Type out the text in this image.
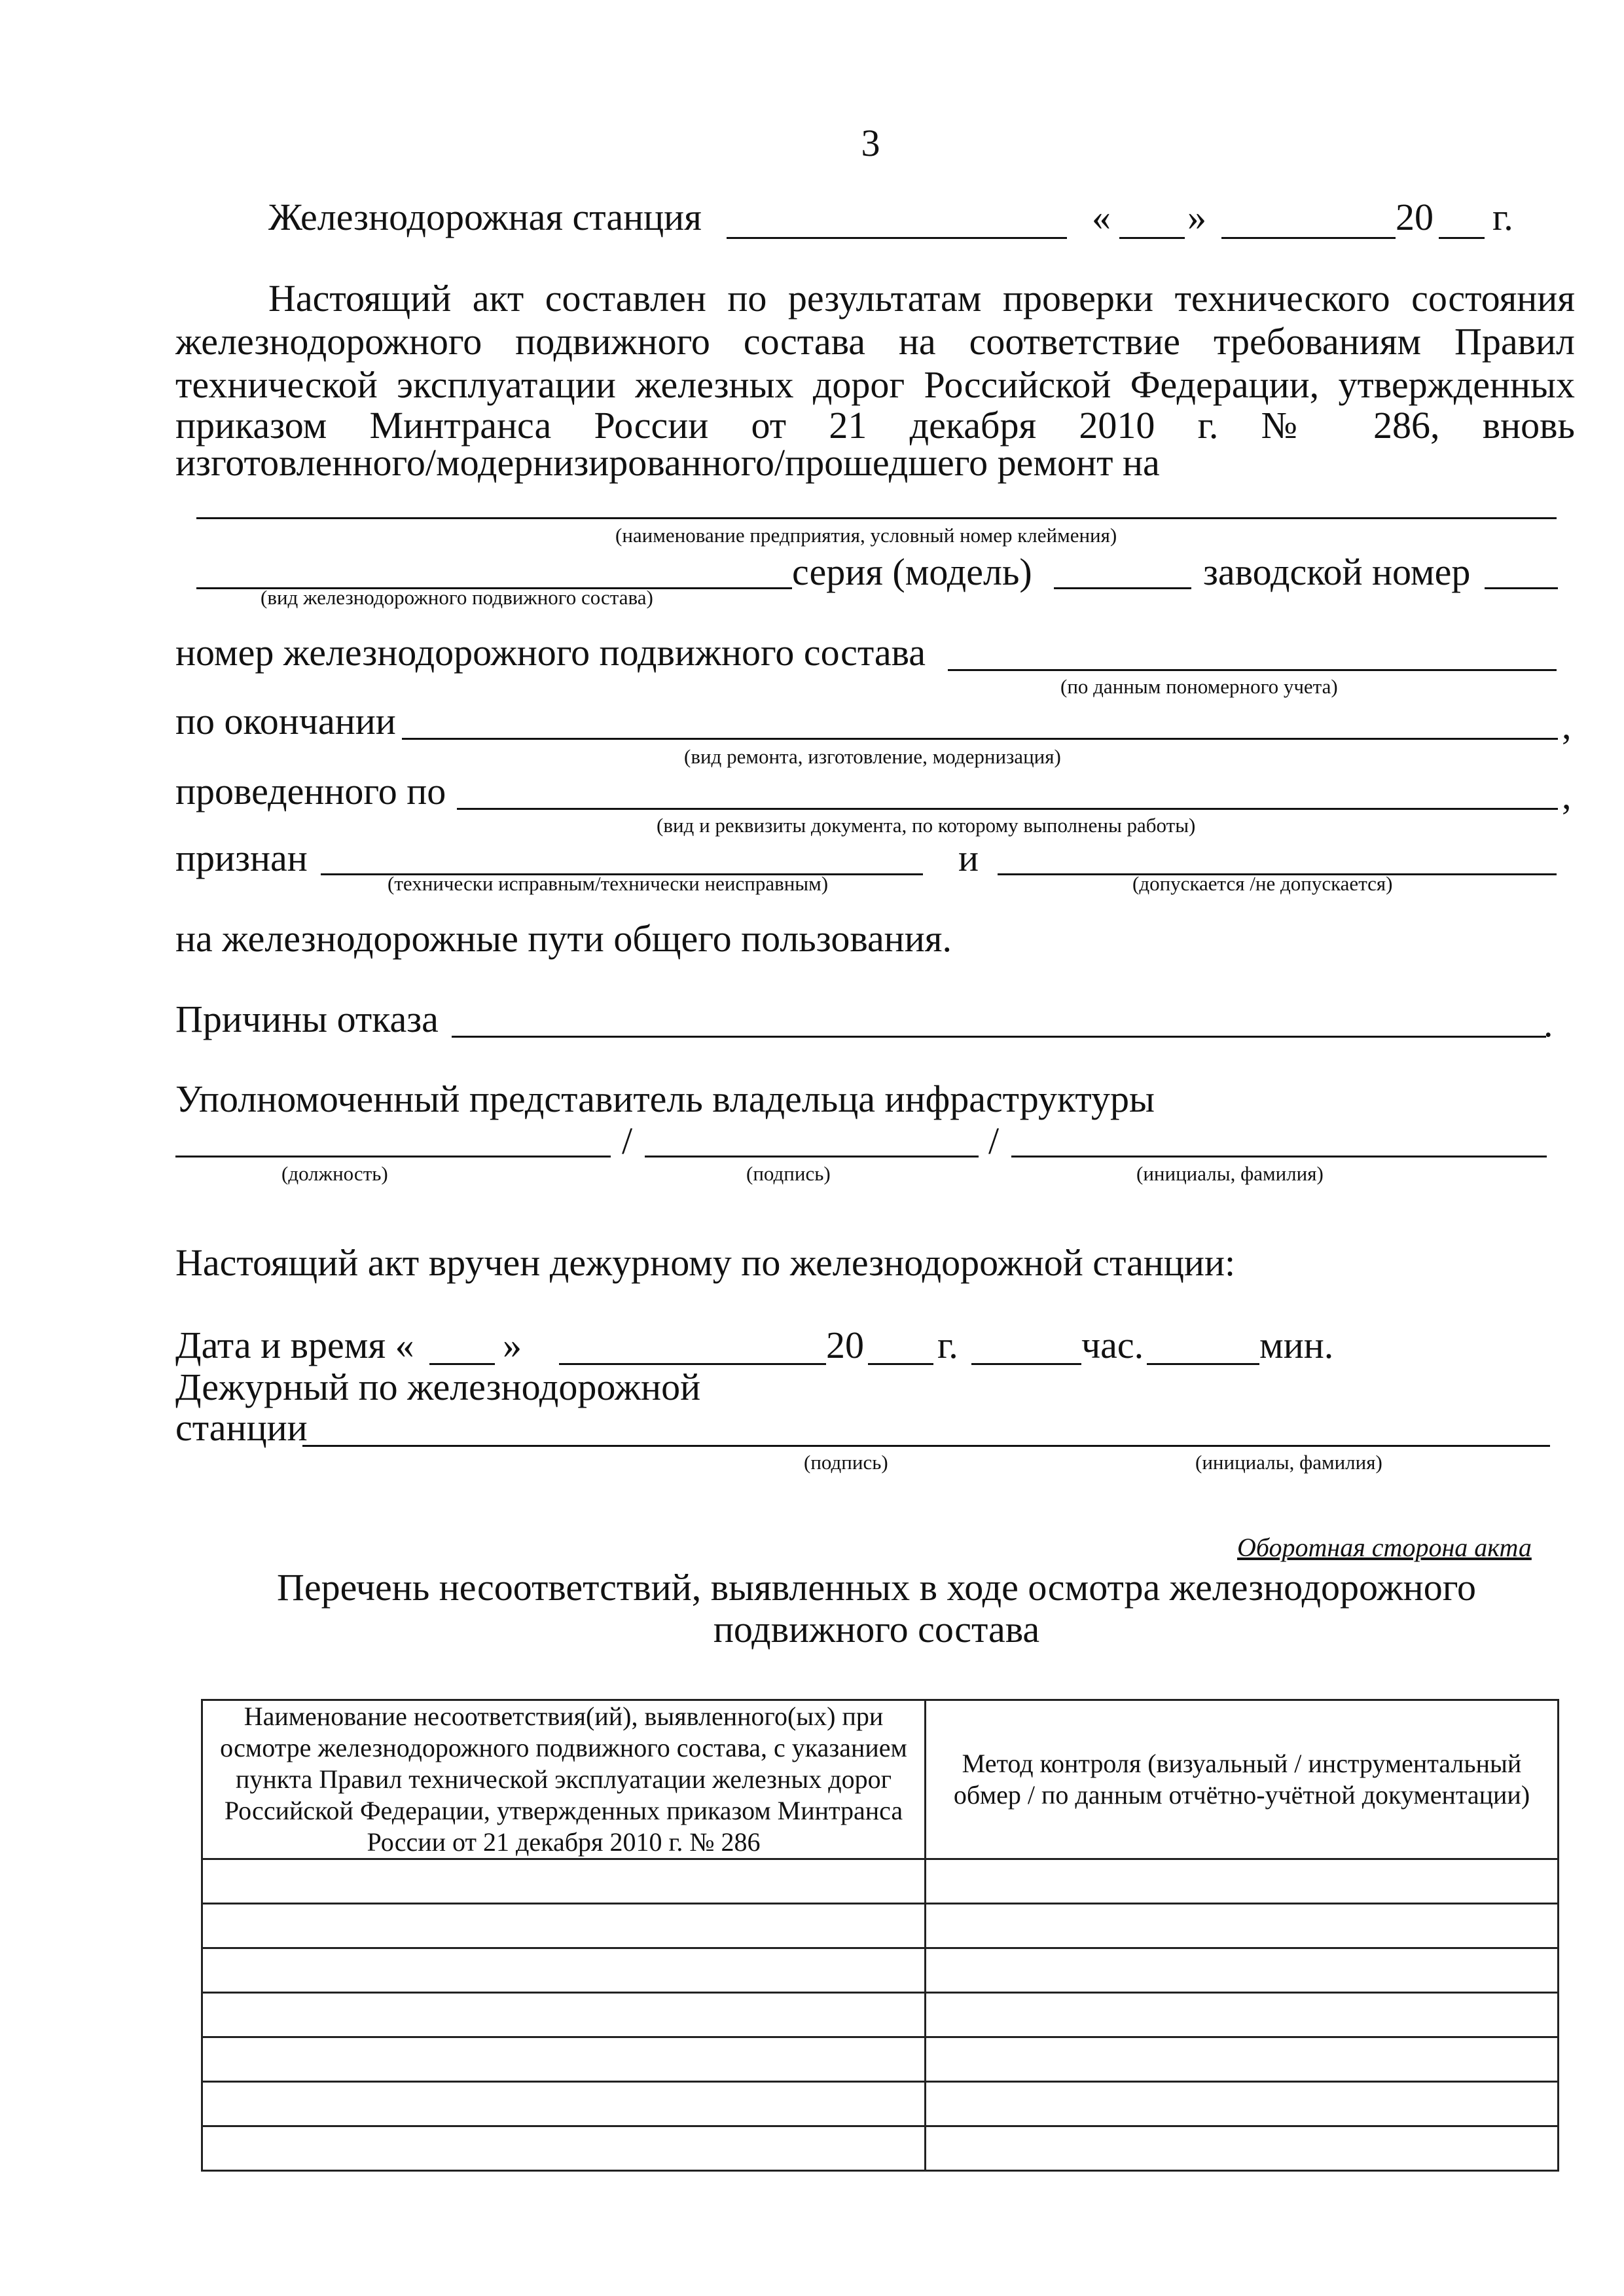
3
Железнодорожная станция	« »	20 г.
Настоящий акт составлен по результатам проверки технического состояния
железнодорожного подвижного состава на соответствие требованиям Правил
технической эксплуатации железных дорог Российской Федерации, утвержденных
приказом Минтранса России от 21 декабря 2010 г. № 286, вновь
изготовленного/модернизированного/прошедшего ремонт на
(наименование предприятия, условный номер клеймения)
серия (модель)	заводской номер
(вид железнодорожного подвижного состава)
номер железнодорожного подвижного состава
(по данным пономерного учета)
по окончании	,
(вид ремонта, изготовление, модернизация)
проведенного по	,
(вид и реквизиты документа, по которому выполнены работы)
признан	и
(технически исправным/технически неисправным)	(допускается /не допускается)
на железнодорожные пути общего пользования.
Причины отказа	.
Уполномоченный представитель владельца инфраструктуры
/	/
(должность)	(подпись)	(инициалы, фамилия)
Настоящий акт вручен дежурному по железнодорожной станции:
Дата и время « »	20 г.	час.	мин.
Дежурный по железнодорожной
станции
(подпись)	(инициалы, фамилия)
Оборотная сторона акта
Перечень несоответствий, выявленных в ходе осмотра железнодорожного
подвижного состава
Наименование несоответствия(ий), выявленного(ых) при осмотре железнодорожного подвижного состава, с указанием пункта Правил технической эксплуатации железных дорог Российской Федерации, утвержденных приказом Минтранса России от 21 декабря 2010 г. № 286	Метод контроля (визуальный / инструментальный обмер / по данным отчётно-учётной документации)
